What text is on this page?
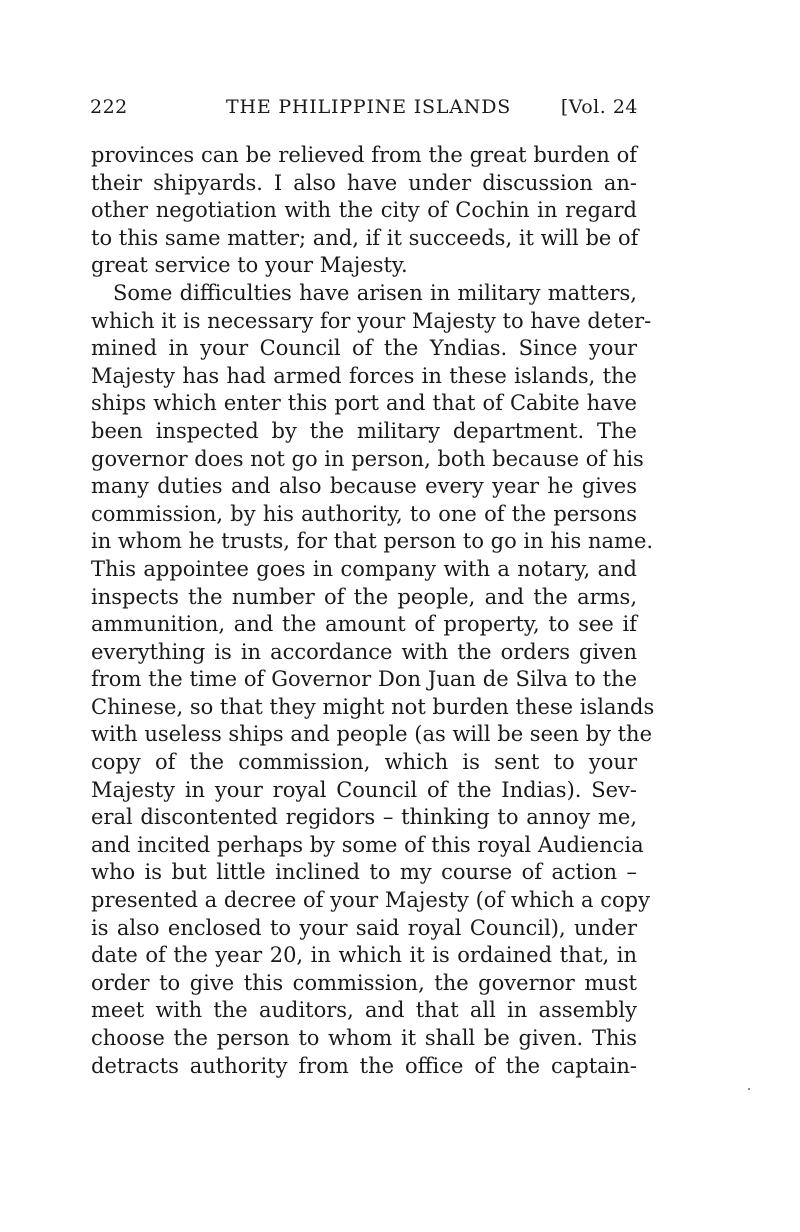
222	THE PHILIPPINE ISLANDS	[Vol. 24
provinces can be relieved from the great burden of
their shipyards. I also have under discussion an-
other negotiation with the city of Cochin in regard
to this same matter; and, if it succeeds, it will be of
great service to your Majesty.
Some difficulties have arisen in military matters,
which it is necessary for your Majesty to have deter-
mined in your Council of the Yndias. Since your
Majesty has had armed forces in these islands, the
ships which enter this port and that of Cabite have
been inspected by the military department. The
governor does not go in person, both because of his
many duties and also because every year he gives
commission, by his authority, to one of the persons
in whom he trusts, for that person to go in his name.
This appointee goes in company with a notary, and
inspects the number of the people, and the arms,
ammunition, and the amount of property, to see if
everything is in accordance with the orders given
from the time of Governor Don Juan de Silva to the
Chinese, so that they might not burden these islands
with useless ships and people (as will be seen by the
copy of the commission, which is sent to your
Majesty in your royal Council of the Indias). Sev-
eral discontented regidors – thinking to annoy me,
and incited perhaps by some of this royal Audiencia
who is but little inclined to my course of action –
presented a decree of your Majesty (of which a copy
is also enclosed to your said royal Council), under
date of the year 20, in which it is ordained that, in
order to give this commission, the governor must
meet with the auditors, and that all in assembly
choose the person to whom it shall be given. This
detracts authority from the office of the captain-
